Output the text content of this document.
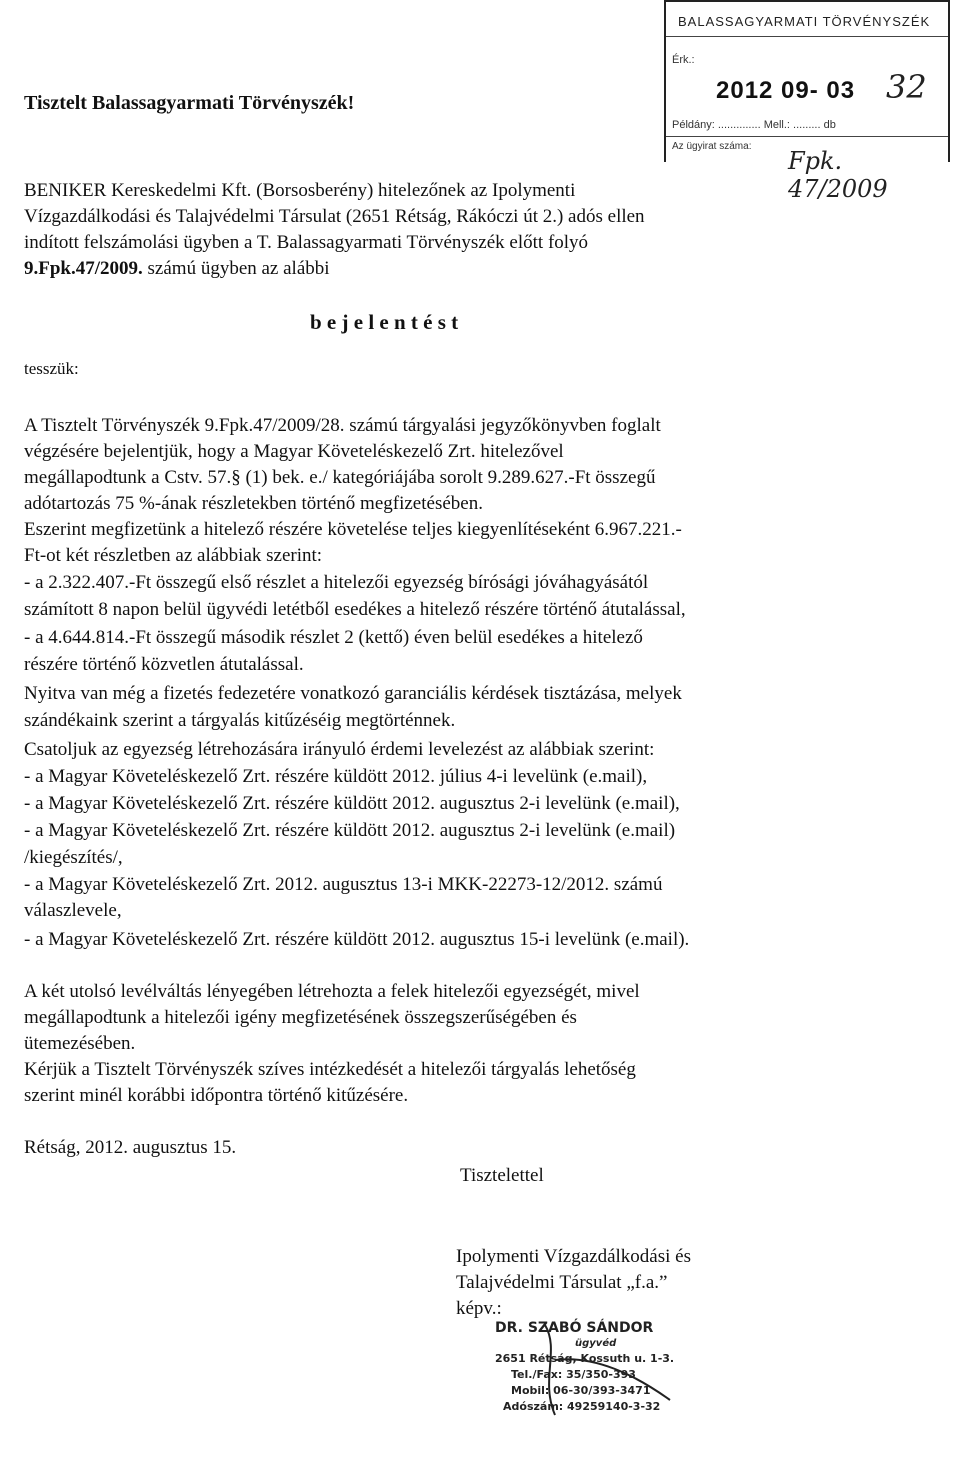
BALASSAGYARMATI TÖRVÉNYSZÉK
Érk.:
2012 09- 03 32
Példány: .............. Mell.: ......... db
Az ügyirat száma:
Fpk. 47/2009
Tisztelt Balassagyarmati Törvényszék!
BENIKER Kereskedelmi Kft. (Borsosberény) hitelezőnek az Ipolymenti
Vízgazdálkodási és Talajvédelmi Társulat (2651 Rétság, Rákóczi út 2.) adós ellen
indított felszámolási ügyben a T. Balassagyarmati Törvényszék előtt folyó
9.Fpk.47/2009. számú ügyben az alábbi
b e j e l e n t é s t
tesszük:
A Tisztelt Törvényszék 9.Fpk.47/2009/28. számú tárgyalási jegyzőkönyvben foglalt
végzésére bejelentjük, hogy a Magyar Követeléskezelő Zrt. hitelezővel
megállapodtunk a Cstv. 57.§ (1) bek. e./ kategóriájába sorolt 9.289.627.-Ft összegű
adótartozás 75 %-ának részletekben történő megfizetésében.
Eszerint megfizetünk a hitelező részére követelése teljes kiegyenlítéseként 6.967.221.-
Ft-ot két részletben az alábbiak szerint:
- a 2.322.407.-Ft összegű első részlet a hitelezői egyezség bírósági jóváhagyásától
számított 8 napon belül ügyvédi letétből esedékes a hitelező részére történő átutalással,
- a 4.644.814.-Ft összegű második részlet 2 (kettő) éven belül esedékes a hitelező
részére történő közvetlen átutalással.
Nyitva van még a fizetés fedezetére vonatkozó garanciális kérdések tisztázása, melyek
szándékaink szerint a tárgyalás kitűzéséig megtörténnek.
Csatoljuk az egyezség létrehozására irányuló érdemi levelezést az alábbiak szerint:
- a Magyar Követeléskezelő Zrt. részére küldött 2012. július 4-i levelünk (e.mail),
- a Magyar Követeléskezelő Zrt. részére küldött 2012. augusztus 2-i levelünk (e.mail),
- a Magyar Követeléskezelő Zrt. részére küldött 2012. augusztus 2-i levelünk (e.mail)
/kiegészítés/,
- a Magyar Követeléskezelő Zrt. 2012. augusztus 13-i MKK-22273-12/2012. számú
válaszlevele,
- a Magyar Követeléskezelő Zrt. részére küldött 2012. augusztus 15-i levelünk (e.mail).
A két utolsó levélváltás lényegében létrehozta a felek hitelezői egyezségét, mivel
megállapodtunk a hitelezői igény megfizetésének összegszerűségében és
ütemezésében.
Kérjük a Tisztelt Törvényszék szíves intézkedését a hitelezői tárgyalás lehetőség
szerint minél korábbi időpontra történő kitűzésére.
Rétság, 2012. augusztus 15.
Tisztelettel
Ipolymenti Vízgazdálkodási és
Talajvédelmi Társulat „f.a.”
képv.:
DR. SZABÓ SÁNDOR
ügyvéd
2651 Rétság, Kossuth u. 1-3.
Tel./Fax: 35/350-393
Mobil: 06-30/393-3471
Adószám: 49259140-3-32
